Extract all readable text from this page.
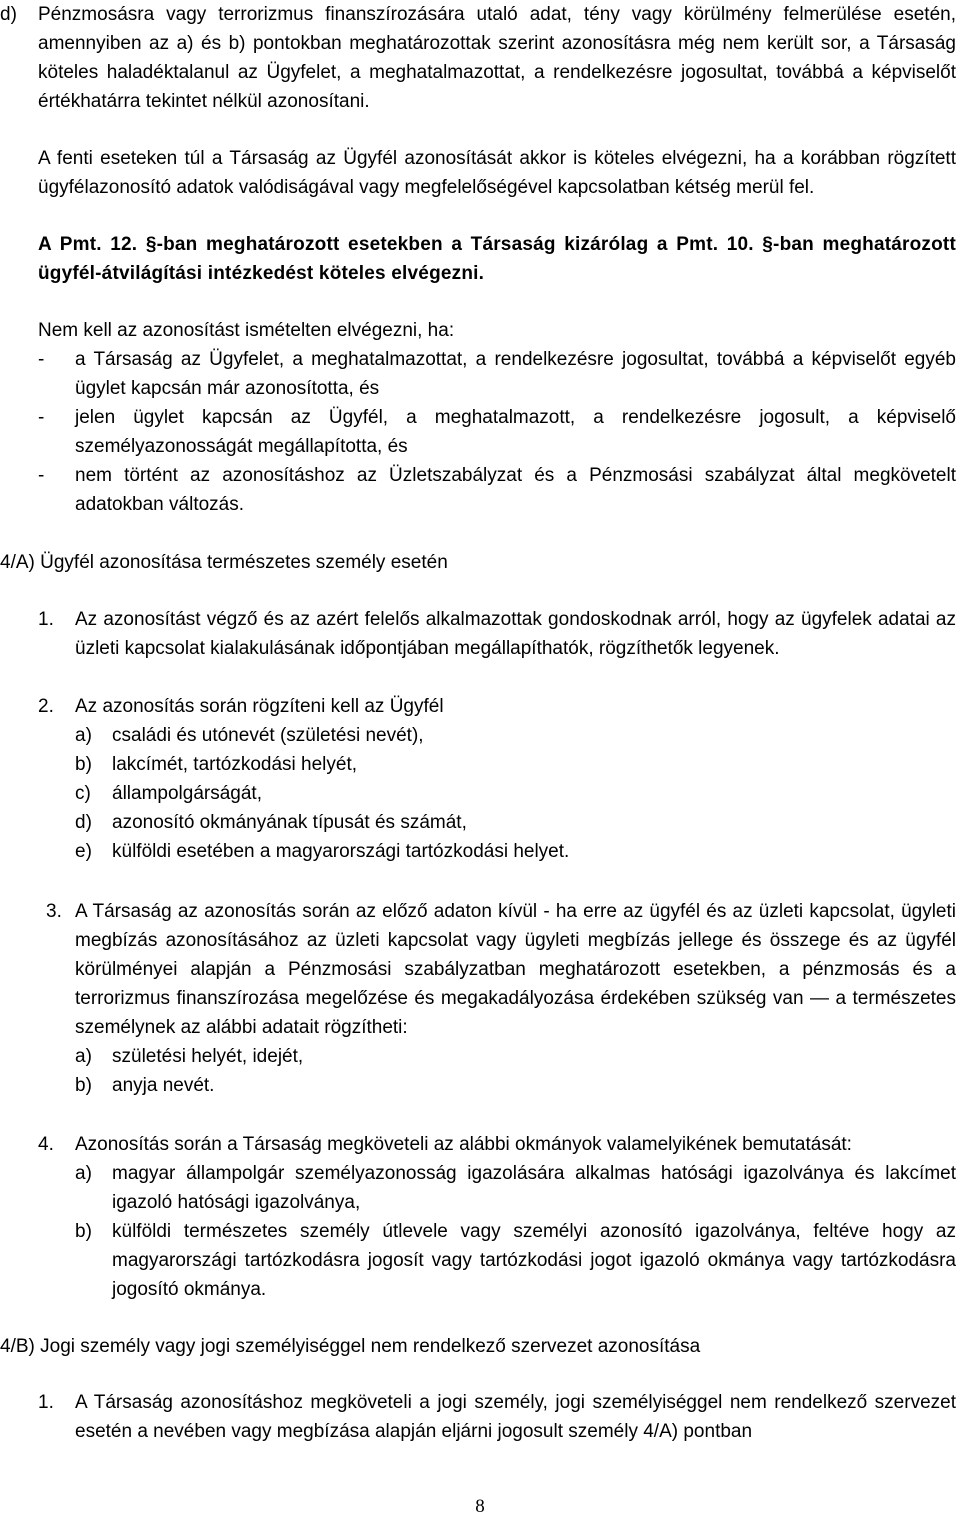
d)	Pénzmosásra vagy terrorizmus finanszírozására utaló adat, tény vagy körülmény felmerülése esetén, amennyiben az a) és b) pontokban meghatározottak szerint azonosításra még nem került sor, a Társaság köteles haladéktalanul az Ügyfelet, a meghatalmazottat, a rendelkezésre jogosultat, továbbá a képviselőt értékhatárra tekintet nélkül azonosítani.

A fenti eseteken túl a Társaság az Ügyfél azonosítását akkor is köteles elvégezni, ha a korábban rögzített ügyfélazonosító adatok valódiságával vagy megfelelőségével kapcsolatban kétség merül fel.

A Pmt. 12. §-ban meghatározott esetekben a Társaság kizárólag a Pmt. 10. §-ban meghatározott ügyfél-átvilágítási intézkedést köteles elvégezni.

Nem kell az azonosítást ismételten elvégezni, ha:
-	a Társaság az Ügyfelet, a meghatalmazottat, a rendelkezésre jogosultat, továbbá a képviselőt egyéb ügylet kapcsán már azonosította, és
-	jelen ügylet kapcsán az Ügyfél, a meghatalmazott, a rendelkezésre jogosult, a képviselő személyazonosságát megállapította, és
-	nem történt az azonosításhoz az Üzletszabályzat és a Pénzmosási szabályzat által megkövetelt adatokban változás.
4/A) Ügyfél azonosítása természetes személy esetén
1.	Az azonosítást végző és az azért felelős alkalmazottak gondoskodnak arról, hogy az ügyfelek adatai az üzleti kapcsolat kialakulásának időpontjában megállapíthatók, rögzíthetők legyenek.
2.	Az azonosítás során rögzíteni kell az Ügyfél
a)	családi és utónevét (születési nevét),
b)	lakcímét, tartózkodási helyét,
c)	állampolgárságát,
d)	azonosító okmányának típusát és számát,
e)	külföldi esetében a magyarországi tartózkodási helyet.
3. A Társaság az azonosítás során az előző adaton kívül - ha erre az ügyfél és az üzleti kapcsolat, ügyleti megbízás azonosításához az üzleti kapcsolat vagy ügyleti megbízás jellege és összege és az ügyfél körülményei alapján a Pénzmosási szabályzatban meghatározott esetekben, a pénzmosás és a terrorizmus finanszírozása megelőzése és megakadályozása érdekében szükség van — a természetes személynek az alábbi adatait rögzítheti:
a)	születési helyét, idejét,
b)	anyja nevét.
4.	Azonosítás során a Társaság megköveteli az alábbi okmányok valamelyikének bemutatását:
a)	magyar állampolgár személyazonosság igazolására alkalmas hatósági igazolványa és lakcímet igazoló hatósági igazolványa,
b)	külföldi természetes személy útlevele vagy személyi azonosító igazolványa, feltéve hogy az magyarországi tartózkodásra jogosít vagy tartózkodási jogot igazoló okmánya vagy tartózkodásra jogosító okmánya.
4/B) Jogi személy vagy jogi személyiséggel nem rendelkező szervezet azonosítása
1.	A Társaság azonosításhoz megköveteli a jogi személy, jogi személyiséggel nem rendelkező szervezet esetén a nevében vagy megbízása alapján eljárni jogosult személy 4/A) pontban
8
